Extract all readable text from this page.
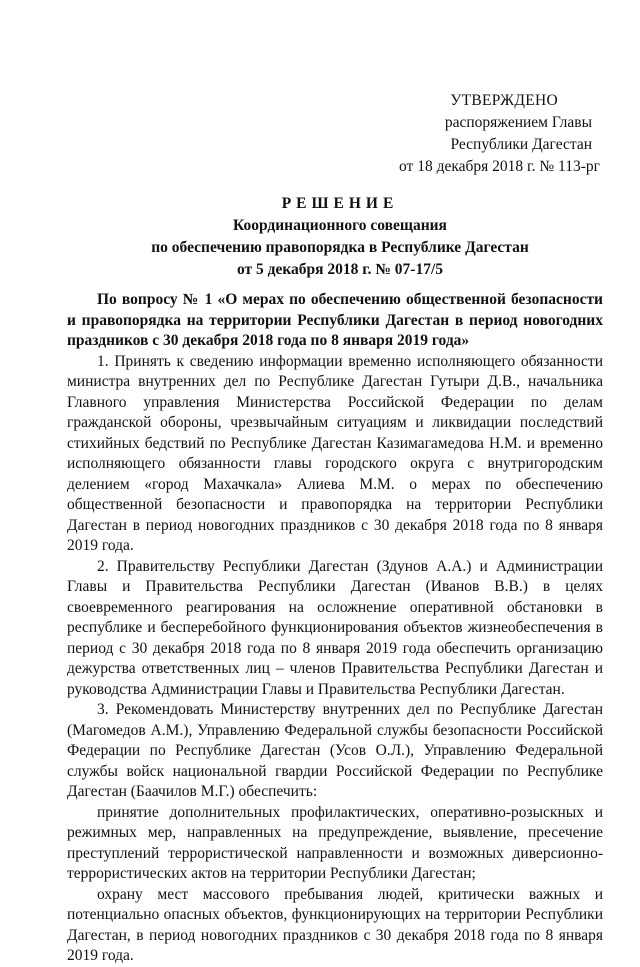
УТВЕРЖДЕНО
распоряжением Главы
Республики Дагестан
от 18 декабря 2018 г. № 113-рг
РЕШЕНИЕ
Координационного совещания
по обеспечению правопорядка в Республике Дагестан
от 5 декабря 2018 г. № 07-17/5

По вопросу № 1 «О мерах по обеспечению общественной безопасности и правопорядка на территории Республики Дагестан в период новогодних праздников с 30 декабря 2018 года по 8 января 2019 года»

1. Принять к сведению информации временно исполняющего обязанности министра внутренних дел по Республике Дагестан Гутыри Д.В., начальника Главного управления Министерства Российской Федерации по делам гражданской обороны, чрезвычайным ситуациям и ликвидации последствий стихийных бедствий по Республике Дагестан Казимагамедова Н.М. и временно исполняющего обязанности главы городского округа с внутригородским делением «город Махачкала» Алиева М.М. о мерах по обеспечению общественной безопасности и правопорядка на территории Республики Дагестан в период новогодних праздников с 30 декабря 2018 года по 8 января 2019 года.

2. Правительству Республики Дагестан (Здунов А.А.) и Администрации Главы и Правительства Республики Дагестан (Иванов В.В.) в целях своевременного реагирования на осложнение оперативной обстановки в республике и бесперебойного функционирования объектов жизнеобеспечения в период с 30 декабря 2018 года по 8 января 2019 года обеспечить организацию дежурства ответственных лиц – членов Правительства Республики Дагестан и руководства Администрации Главы и Правительства Республики Дагестан.

3. Рекомендовать Министерству внутренних дел по Республике Дагестан (Магомедов А.М.), Управлению Федеральной службы безопасности Российской Федерации по Республике Дагестан (Усов О.Л.), Управлению Федеральной службы войск национальной гвардии Российской Федерации по Республике Дагестан (Баачилов М.Г.) обеспечить:

принятие дополнительных профилактических, оперативно-розыскных и режимных мер, направленных на предупреждение, выявление, пресечение преступлений террористической направленности и возможных диверсионно-террористических актов на территории Республики Дагестан;

охрану мест массового пребывания людей, критически важных и потенциально опасных объектов, функционирующих на территории Республики Дагестан, в период новогодних праздников с 30 декабря 2018 года по 8 января 2019 года.
